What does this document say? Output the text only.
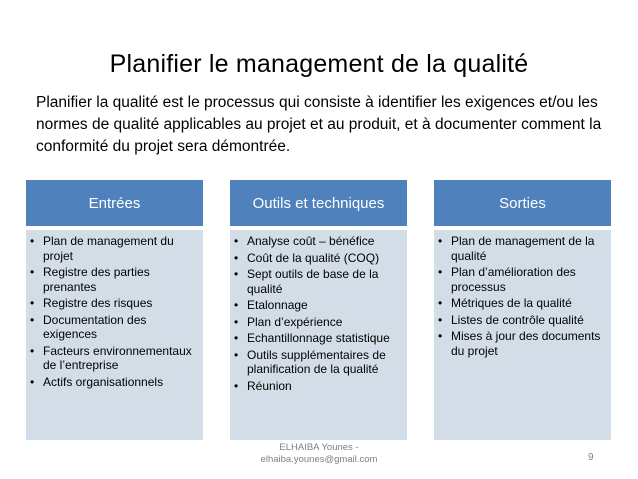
Planifier le management de la qualité
Planifier la qualité est le processus qui consiste à identifier les exigences et/ou les normes de qualité applicables au projet et au produit, et à documenter comment la conformité du projet sera démontrée.
Entrées
• Plan de management du projet
• Registre des parties prenantes
• Registre des risques
• Documentation des exigences
• Facteurs environnementaux de l’entreprise
• Actifs organisationnels
Outils et techniques
• Analyse coût – bénéfice
• Coût de la qualité (COQ)
• Sept outils de base de la qualité
• Etalonnage
• Plan d’expérience
• Echantillonnage statistique
• Outils supplémentaires de planification de la qualité
• Réunion
Sorties
• Plan de management de la qualité
• Plan d’amélioration des processus
• Métriques de la qualité
• Listes de contrôle qualité
• Mises à jour des documents du projet
ELHAIBA Younes -
elhaiba.younes@gmail.com	9
